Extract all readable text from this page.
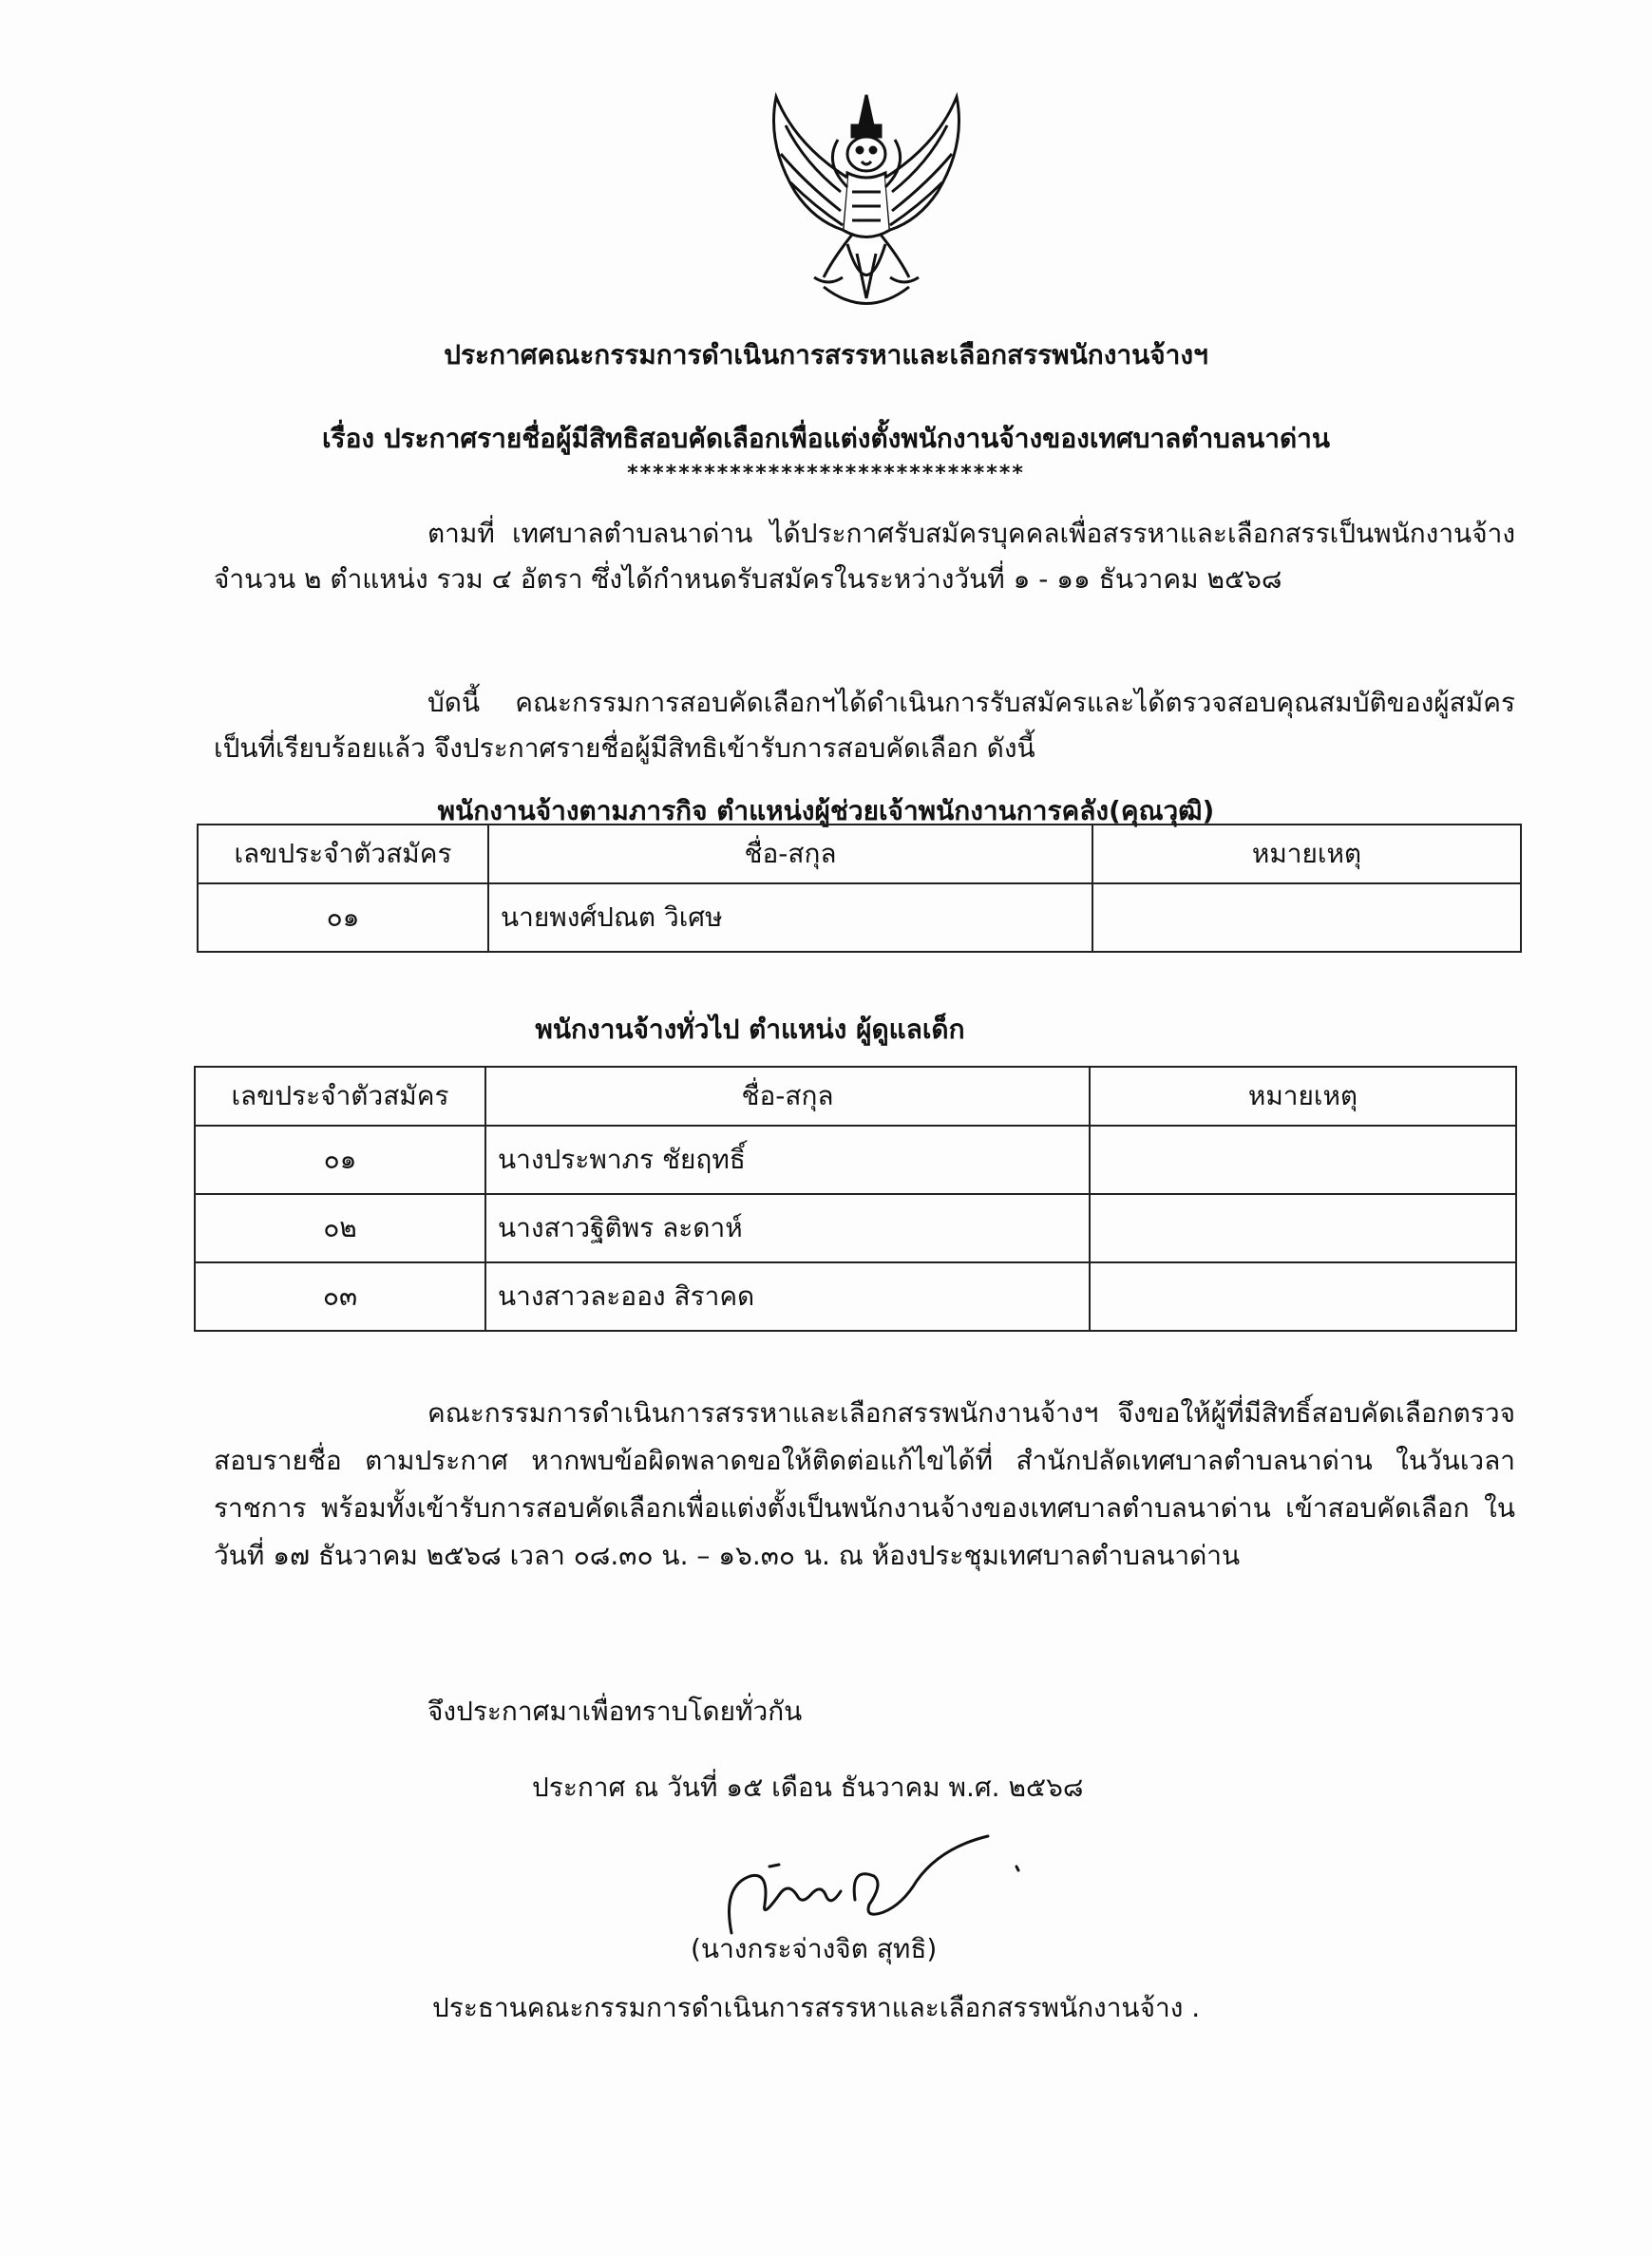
ประกาศคณะกรรมการดำเนินการสรรหาและเลือกสรรพนักงานจ้างฯ
เรื่อง ประกาศรายชื่อผู้มีสิทธิสอบคัดเลือกเพื่อแต่งตั้งพนักงานจ้างของเทศบาลตำบลนาด่าน
*******************************
ตามที่ เทศบาลตำบลนาด่าน ได้ประกาศรับสมัครบุคคลเพื่อสรรหาและเลือกสรรเป็นพนักงานจ้าง จำนวน ๒ ตำแหน่ง รวม ๔ อัตรา ซึ่งได้กำหนดรับสมัครในระหว่างวันที่ ๑ - ๑๑ ธันวาคม ๒๕๖๘
บัดนี้ คณะกรรมการสอบคัดเลือกฯได้ดำเนินการรับสมัครและได้ตรวจสอบคุณสมบัติของผู้สมัครเป็นที่เรียบร้อยแล้ว จึงประกาศรายชื่อผู้มีสิทธิเข้ารับการสอบคัดเลือก ดังนี้
พนักงานจ้างตามภารกิจ ตำแหน่งผู้ช่วยเจ้าพนักงานการคลัง(คุณวุฒิ)
เลขประจำตัวสมัคร	ชื่อ-สกุล	หมายเหตุ
๐๑	นายพงศ์ปณต วิเศษ	
พนักงานจ้างทั่วไป ตำแหน่ง ผู้ดูแลเด็ก
เลขประจำตัวสมัคร	ชื่อ-สกุล	หมายเหตุ
๐๑	นางประพาภร ชัยฤทธิ์	
๐๒	นางสาวฐิติพร ละดาห์	
๐๓	นางสาวละออง สิราคด	
คณะกรรมการดำเนินการสรรหาและเลือกสรรพนักงานจ้างฯ จึงขอให้ผู้ที่มีสิทธิ์สอบคัดเลือกตรวจสอบรายชื่อ ตามประกาศ หากพบข้อผิดพลาดขอให้ติดต่อแก้ไขได้ที่ สำนักปลัดเทศบาลตำบลนาด่าน ในวันเวลาราชการ พร้อมทั้งเข้ารับการสอบคัดเลือกเพื่อแต่งตั้งเป็นพนักงานจ้างของเทศบาลตำบลนาด่าน เข้าสอบคัดเลือก ในวันที่ ๑๗ ธันวาคม ๒๕๖๘ เวลา ๐๘.๓๐ น. – ๑๖.๓๐ น. ณ ห้องประชุมเทศบาลตำบลนาด่าน
จึงประกาศมาเพื่อทราบโดยทั่วกัน
ประกาศ ณ วันที่ ๑๕ เดือน ธันวาคม พ.ศ. ๒๕๖๘
(นางกระจ่างจิต สุทธิ)
ประธานคณะกรรมการดำเนินการสรรหาและเลือกสรรพนักงานจ้าง .
